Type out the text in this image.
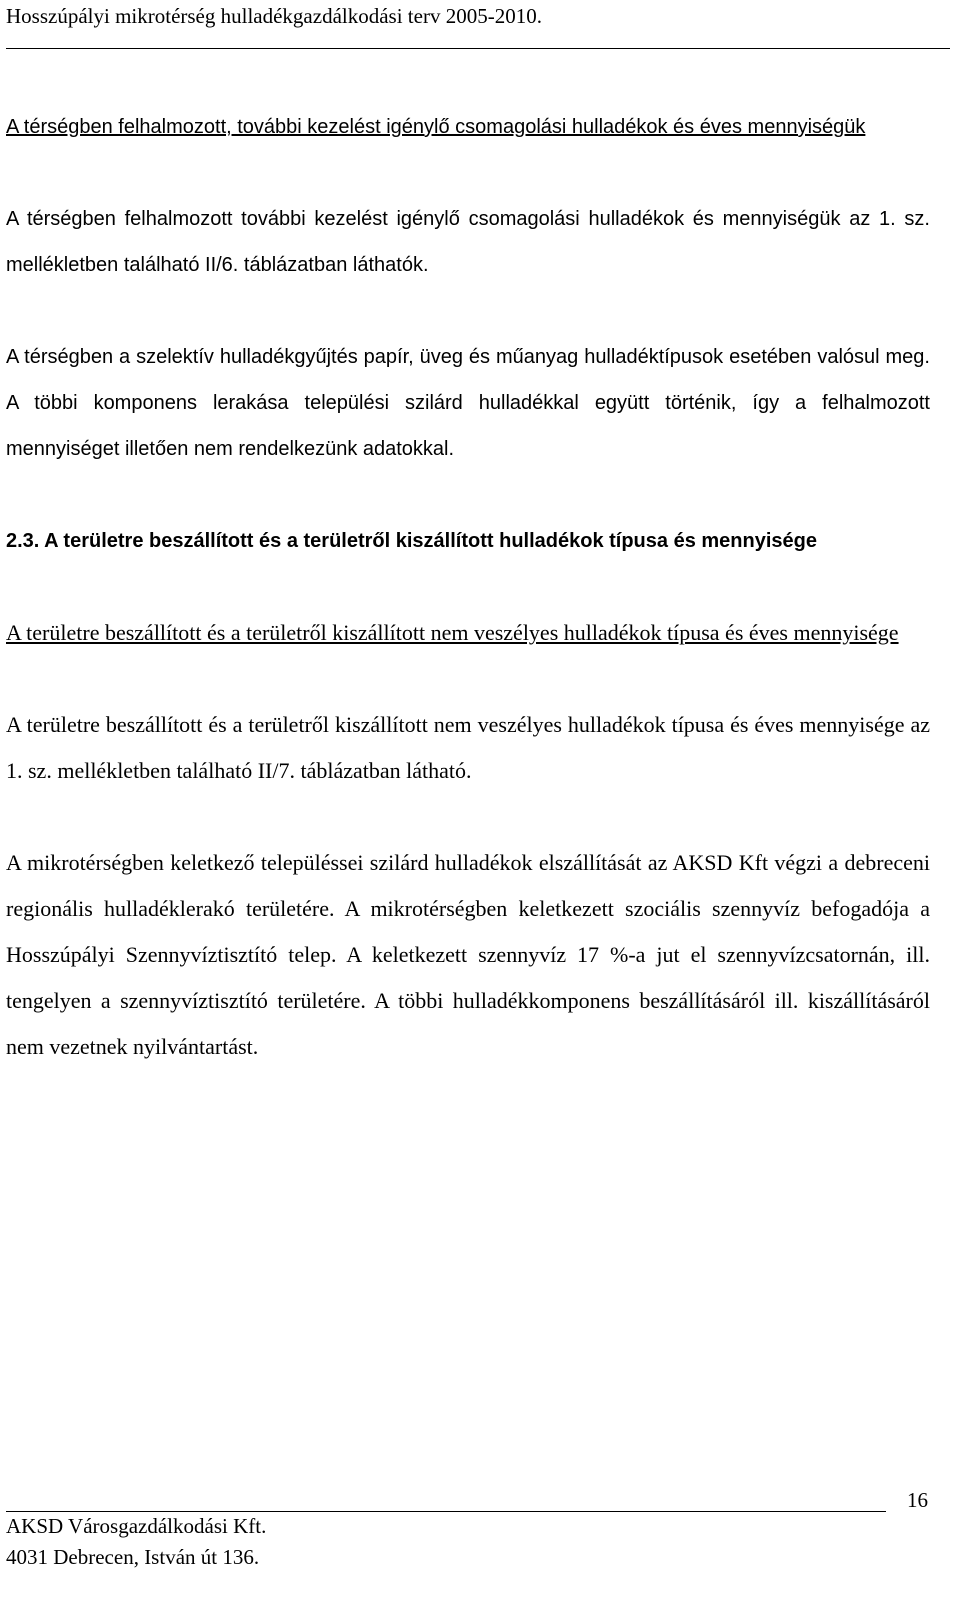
Hosszúpályi mikrotérség hulladékgazdálkodási terv 2005-2010.

A térségben felhalmozott, további kezelést igénylő csomagolási hulladékok és éves mennyiségük

A térségben felhalmozott további kezelést igénylő csomagolási hulladékok és mennyiségük az 1. sz. mellékletben található II/6. táblázatban láthatók.

A térségben a szelektív hulladékgyűjtés papír, üveg és műanyag hulladéktípusok esetében valósul meg. A többi komponens lerakása települési szilárd hulladékkal együtt történik, így a felhalmozott mennyiséget illetően nem rendelkezünk adatokkal.

2.3. A területre beszállított és a területről kiszállított hulladékok típusa és mennyisége

A területre beszállított és a területről kiszállított nem veszélyes hulladékok típusa és éves mennyisége

A területre beszállított és a területről kiszállított nem veszélyes hulladékok típusa és éves mennyisége az 1. sz. mellékletben található II/7. táblázatban látható.

A mikrotérségben keletkező településsei szilárd hulladékok elszállítását az AKSD Kft végzi a debreceni regionális hulladéklerakó területére. A mikrotérségben keletkezett szociális szennyvíz befogadója a Hosszúpályi Szennyvíztisztító telep. A keletkezett szennyvíz 17 %-a jut el szennyvízcsatornán, ill. tengelyen a szennyvíztisztító területére. A többi hulladékkomponens beszállításáról ill. kiszállításáról nem vezetnek nyilvántartást.

16
AKSD Városgazdálkodási Kft.
4031 Debrecen, István út 136.
